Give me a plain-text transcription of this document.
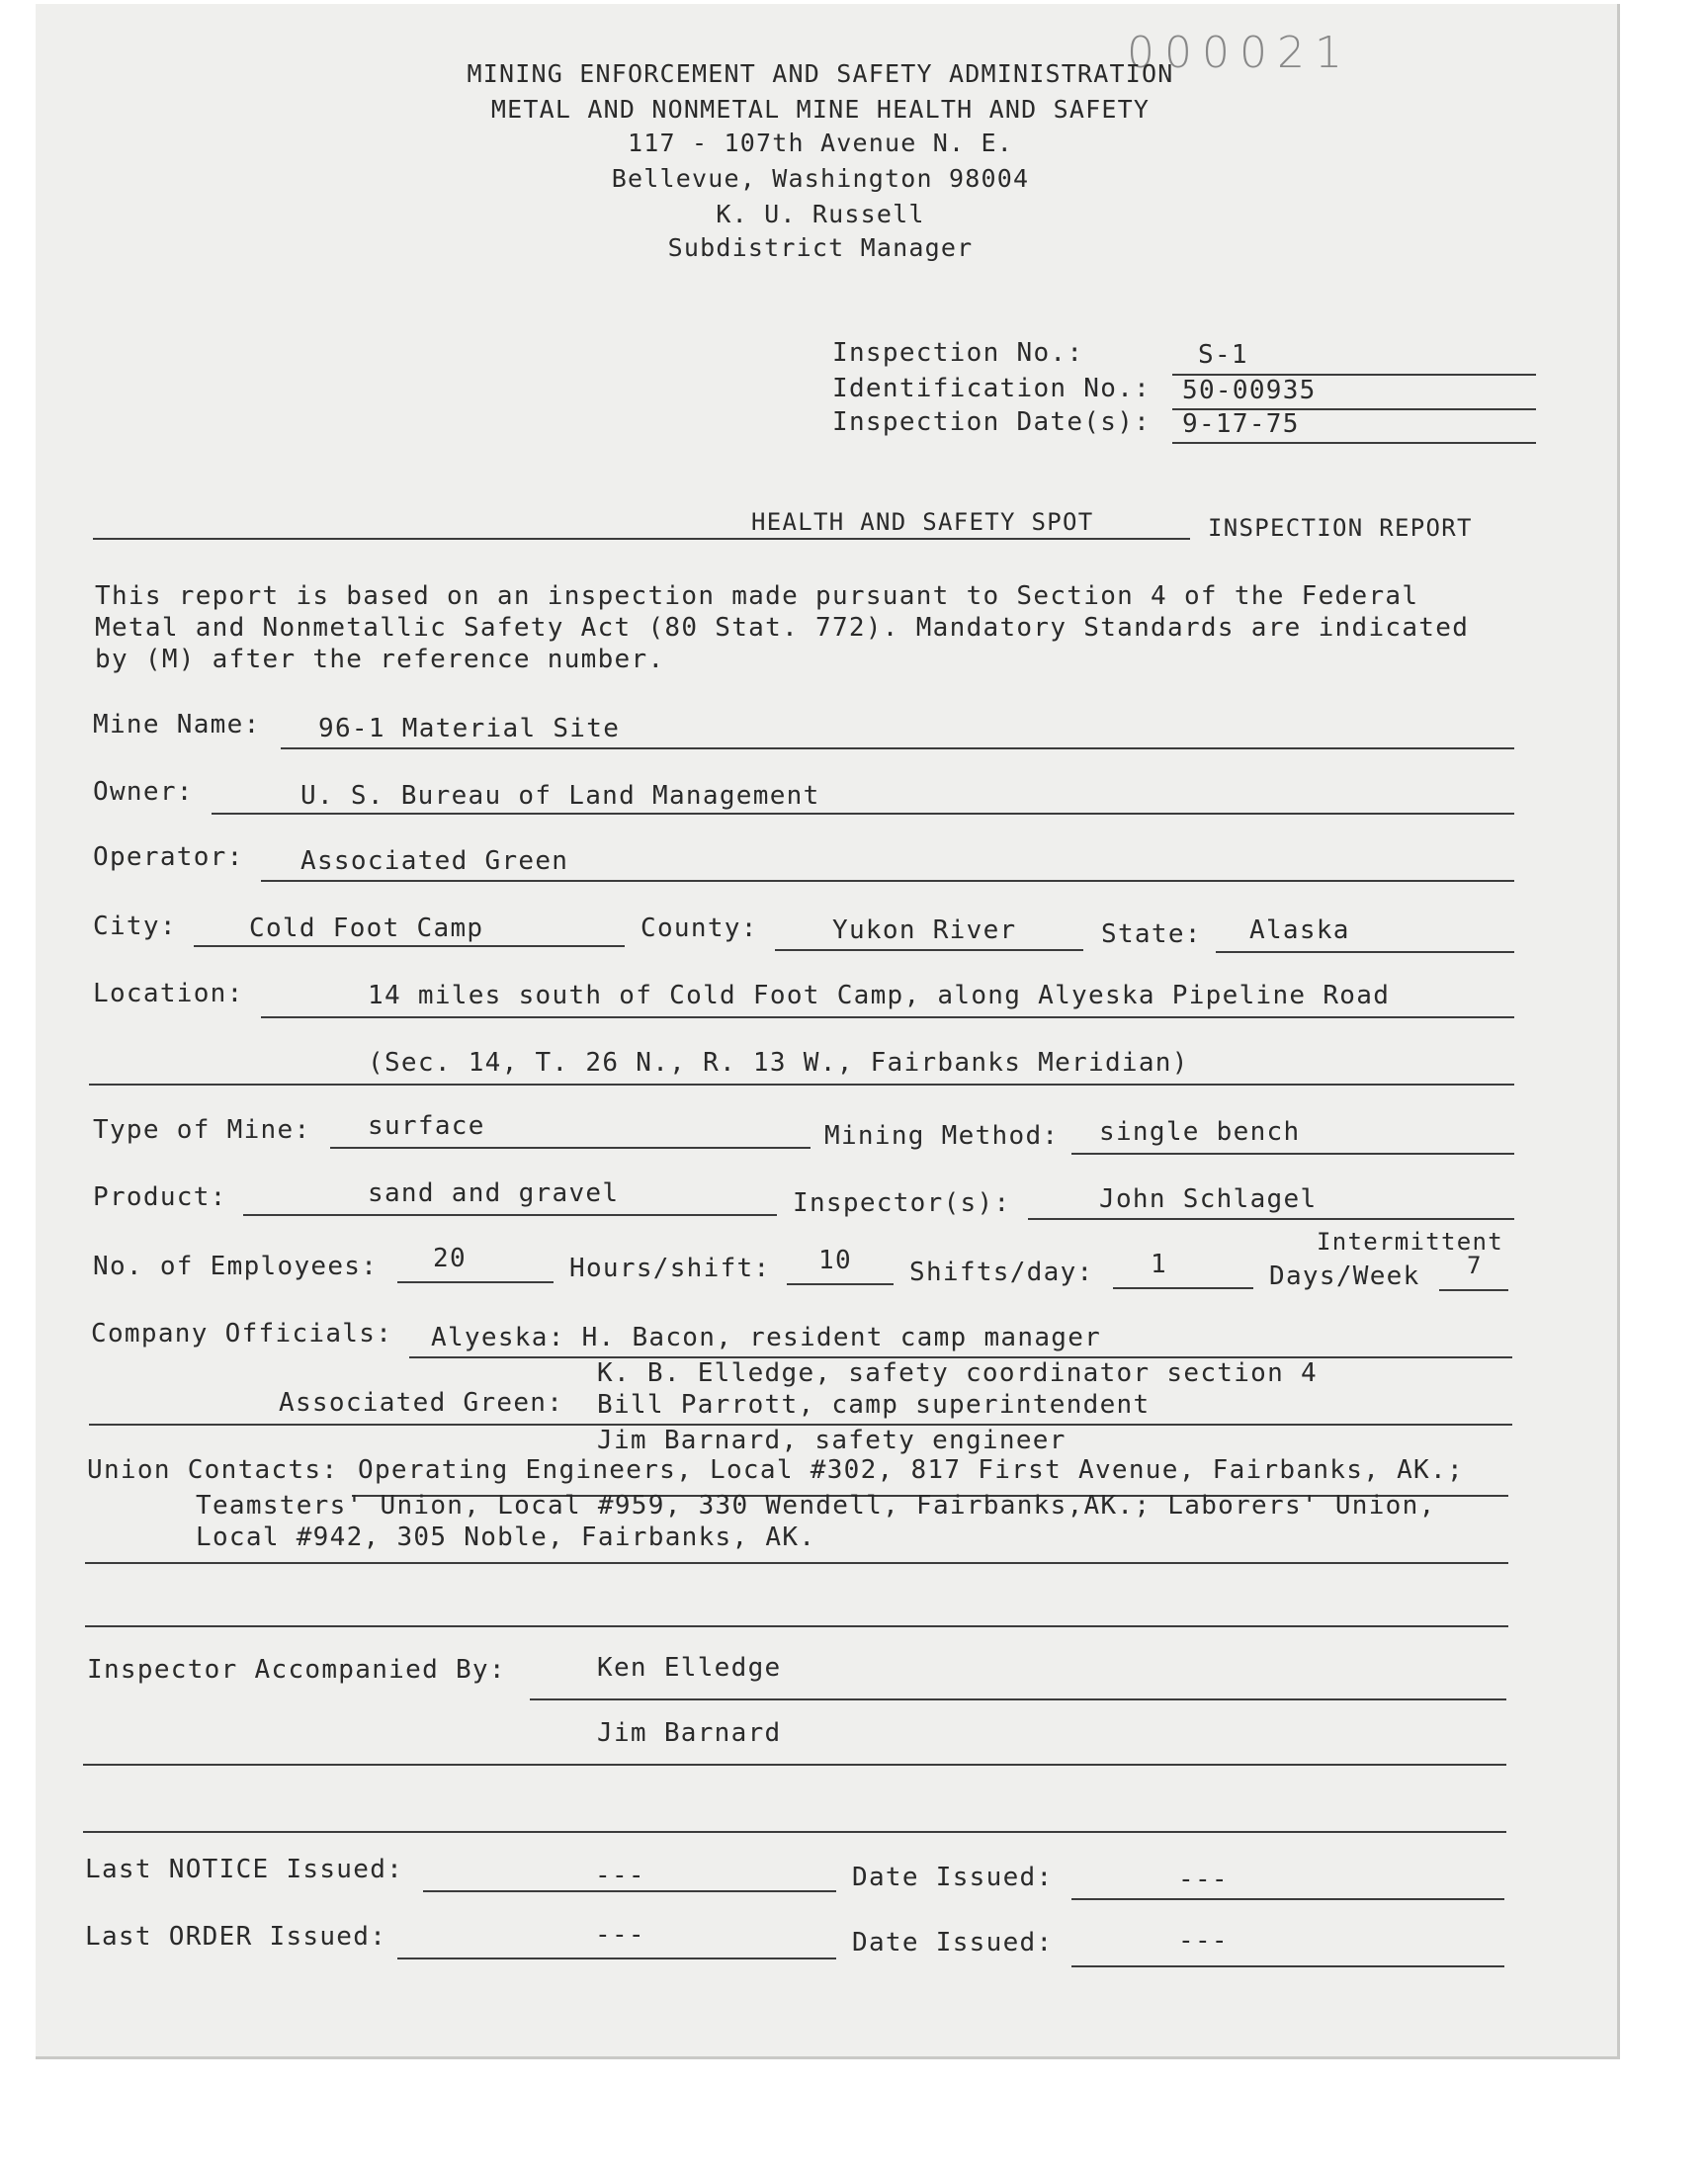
000021
MINING ENFORCEMENT AND SAFETY ADMINISTRATION
METAL AND NONMETAL MINE HEALTH AND SAFETY
117 - 107th Avenue N. E.
Bellevue, Washington 98004
K. U. Russell
Subdistrict Manager
Inspection No.:	S-1
Identification No.: 50-00935
Inspection Date(s): 9-17-75
HEALTH AND SAFETY SPOT	INSPECTION REPORT
This report is based on an inspection made pursuant to Section 4 of the Federal
Metal and Nonmetallic Safety Act (80 Stat. 772). Mandatory Standards are indicated
by (M) after the reference number.
Mine Name: 96-1 Material Site
Owner:	U. S. Bureau of Land Management
Operator: Associated Green
City:	Cold Foot Camp	County:	Yukon River	State: Alaska
Location:	14 miles south of Cold Foot Camp, along Alyeska Pipeline Road
(Sec. 14, T. 26 N., R. 13 W., Fairbanks Meridian)
Type of Mine: surface	Mining Method: single bench
Product:	sand and gravel	Inspector(s):	John Schlagel
No. of Employees: 20	Hours/shift: 10 Shifts/day: 1
Intermittent
Days/Week 7
Company Officials: Alyeska: H. Bacon, resident camp manager
K. B. Elledge, safety coordinator section 4
Associated Green: Bill Parrott, camp superintendent
Jim Barnard, safety engineer
Union Contacts: Operating Engineers, Local #302, 817 First Avenue, Fairbanks, AK.;
Teamsters' Union, Local #959, 330 Wendell, Fairbanks,AK.; Laborers' Union,
Local #942, 305 Noble, Fairbanks, AK.
Inspector Accompanied By:	Ken Elledge
Jim Barnard
Last NOTICE Issued:	---	Date Issued:	---
Last ORDER Issued:	---	Date Issued:	---
